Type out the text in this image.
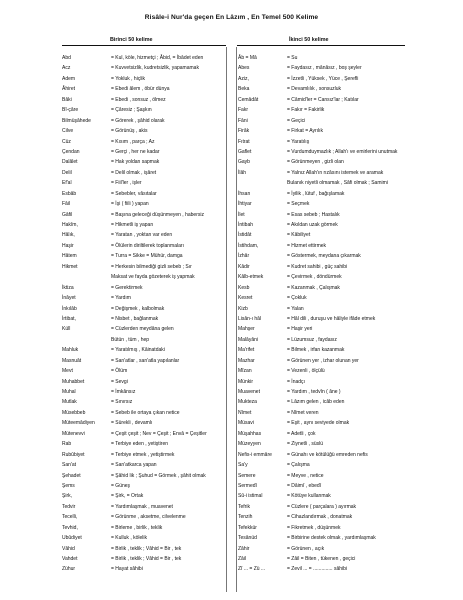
Risâle-i Nur'da geçen En Lâzım , En Temel 500 Kelime
Birinci 50 kelime	İkinci 50 kelime
Abd	= Kul, köle, hizmetçi ; Âbid, = İbâdet eden
Acz	= Kuvvetsizlik, kudretsizlik, yapamamak
Adem	= Yokluk , hiçlik
Âhiret	= Ebedi âlem , öbür dünya
Bâki	= Ebedi , sonsuz , ölmez
Bî-çâre	= Çâresiz ; Şaşkın
Bilmüşâhede	= Görerek , şâhid olarak
Cilve	= Görünüş , akis
Cüz	= Kısım , parça ; Az
Çendan	= Gerçi , her ne kadar
Dalâlet	= Hak yoldan sapmak
Delil	= Delil olmak , işâret
Ef'al	= Fiil'ler , işler
Esbâb	= Sebebler, vâsıtalar
Fâil	= İşi ( fiili ) yapan
Gâfil	= Başına geleceği düşünmeyen , habersiz
Hakîm,	= Hikmetli iş yapan
Hâlık,	= Yaratan , yoktan var eden
Haşir	= Ölülerin diriltilerek toplanmaları
Hâtem	= Turra = Sikke = Mühür, damga
Hikmet	= Herkesin bilmediği gizli sebeb ; Sır
Maksat ve fayda gözeterek iş yapmak
İktiza	= Gerektirmek
İnâyet	= Yardım
İnkılâb	= Değişmek , kalbolmak
İrtibat,	= Nisbet , bağlanmak
Küll	= Cüzlerden meydâna gelen
Bütün , tüm , hep
Mahluk	= Yaratılmış , Kâinatdaki
Masnuât	= San'atlar , san'atla yapılanlar
Mevt	= Ölüm
Muhabbet	= Sevgi
Muhal	= İmkânsız
Mutlak	= Sınırsız
Müsebbeb	= Sebeb ile ortaya çıkan netice
Müteemâdiyen	= Sürekli , devamlı
Mütenevvi	= Çeşit çeşit ; Nev = Çeşit ; Envâ = Çeşitler
Rab	= Terbiye eden , yetiştiren
Rubûbiyet	= Terbiye etmek , yetiştirmek
San'at	= San'atkarca yapan
Şehadet	= Şâhid lik ; Şuhud = Görmek , şâhit olmak
Şems	= Güneş
Şirk,	= Şirk, = Ortak
Tedvir	= Yardımlaşmak , muavenet
Tecelli,	= Görünme , aksetme, cilvelenme
Tevhid,	= Birleme , birlik , teklik
Ubûdiyet	= Kulluk , kölelik
Vâhid	= Birlik , teklik ; Vâhid = Bir , tek
Vahdet	= Birlik , teklik ; Vâhid = Bir , tek
Zühur	= Hayat sâhibi
Âb = Mâ	= Su
Abes	= Faydasız , mânâsız , boş şeyler
Aziz,	= İzzetli , Yüksek , Yüce , Şerefli
Beka	= Devamlılık , sonsuzluk
Cemâdât	= Câmid'ler = Cansız'lar ; Katılar
Fakr	= Fakır = Fakirlik
Fâni	= Geçici
Firâk	= Firkat = Ayrılık
Fıtrat	= Yaratılış
Gaflet	= Vurdumduymazlık ; Allah'ı ve emirlerini unutmak
Gayb	= Görünmeyen , gizli olan
İlâh	= Yalnız Allah'ın rızâsını istemek ve aramak
Bulanık niyetli olmamak , Sâfi olmak ; Samimi
İhsan	= İyilik , lütuf , bağışlamak
İhtiyar	= Seçmek
İlet	= Esas sebeb ; Hastalık
İntibah	= Akıldan uzak görmek
İstidât	= Kâbiliyet
İstihdam,	= Hizmet ettirmek
İzhâr	= Göstermek, meydana çıkarmak
Kâdir	= Kudret sahibi , güç sahibi
Kâlb-etmek	= Çevirmek , döndürmek
Kesb	= Kazanmak , Çalışmak
Kesret	= Çokluk
Kizb	= Yalan
Lisân-ı hâl	= Hâl dili , duruşu ve hâliyle ifâde etmek
Mahşer	= Haşir yeri
Malâyâni	= Lüzumsuz , faydasız
Ma'rifet	= Bilmek , irfan kazanmak
Mazhar	= Görünen yer , izhar olunan yer
Mîzan	= Vezenli , ölçülü
Münkir	= İnadçı
Muavenet	= Yardım , tedvîn ( âne )
Mukteza	= Lâzım gelen , icâb eden
Nîmet	= Nîmet veren
Müsavi	= Eşit , aynı seviyede olmak
Müşahhas	= Adetli , çok
Müzeyyen	= Ziynetli , süslü
Nefis-i emmâre	= Günahı ve kötülüğü emreden nefis
Sa'y	= Çalışma
Semere	= Meyve , netice
Sermedî	= Dâimî , ebedî
Sû-i istimal	= Kötüye kullanmak
Tefrik	= Cüzlere ( parçalara ) ayırmak
Tenzih	= Cihazlandırmak , donatmak
Tefekkür	= Fikretmek , düşünmek
Tesânüd	= Birbirine destek olmak , yardımlaşmak
Zâhir	= Görünen , açık
Zâil	= Zâil = Biten , tükenen , geçici
Zî ... = Zü ...	= Zevil ... = .............. sâhibi
